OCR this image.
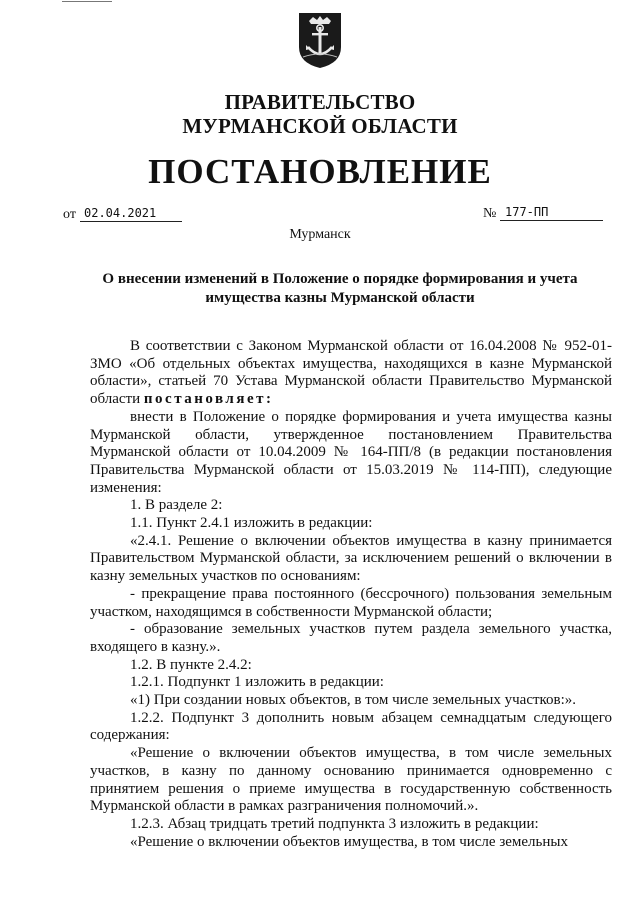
ПРАВИТЕЛЬСТВО
МУРМАНСКОЙ ОБЛАСТИ
ПОСТАНОВЛЕНИЕ
от 02.04.2021	№ 177-ПП
Мурманск
О внесении изменений в Положение о порядке формирования и учета имущества казны Мурманской области

В соответствии с Законом Мурманской области от 16.04.2008 № 952-01-ЗМО «Об отдельных объектах имущества, находящихся в казне Мурманской области», статьей 70 Устава Мурманской области Правительство Мурманской области постановляет:

внести в Положение о порядке формирования и учета имущества казны Мурманской области, утвержденное постановлением Правительства Мурманской области от 10.04.2009 № 164-ПП/8 (в редакции постановления Правительства Мурманской области от 15.03.2019 № 114-ПП), следующие изменения:

1. В разделе 2:

1.1. Пункт 2.4.1 изложить в редакции:

«2.4.1. Решение о включении объектов имущества в казну принимается Правительством Мурманской области, за исключением решений о включении в казну земельных участков по основаниям:

- прекращение права постоянного (бессрочного) пользования земельным участком, находящимся в собственности Мурманской области;

- образование земельных участков путем раздела земельного участка, входящего в казну.».

1.2. В пункте 2.4.2:

1.2.1. Подпункт 1 изложить в редакции:

«1) При создании новых объектов, в том числе земельных участков:».

1.2.2. Подпункт 3 дополнить новым абзацем семнадцатым следующего содержания:

«Решение о включении объектов имущества, в том числе земельных участков, в казну по данному основанию принимается одновременно с принятием решения о приеме имущества в государственную собственность Мурманской области в рамках разграничения полномочий.».

1.2.3. Абзац тридцать третий подпункта 3 изложить в редакции:

«Решение о включении объектов имущества, в том числе земельных
